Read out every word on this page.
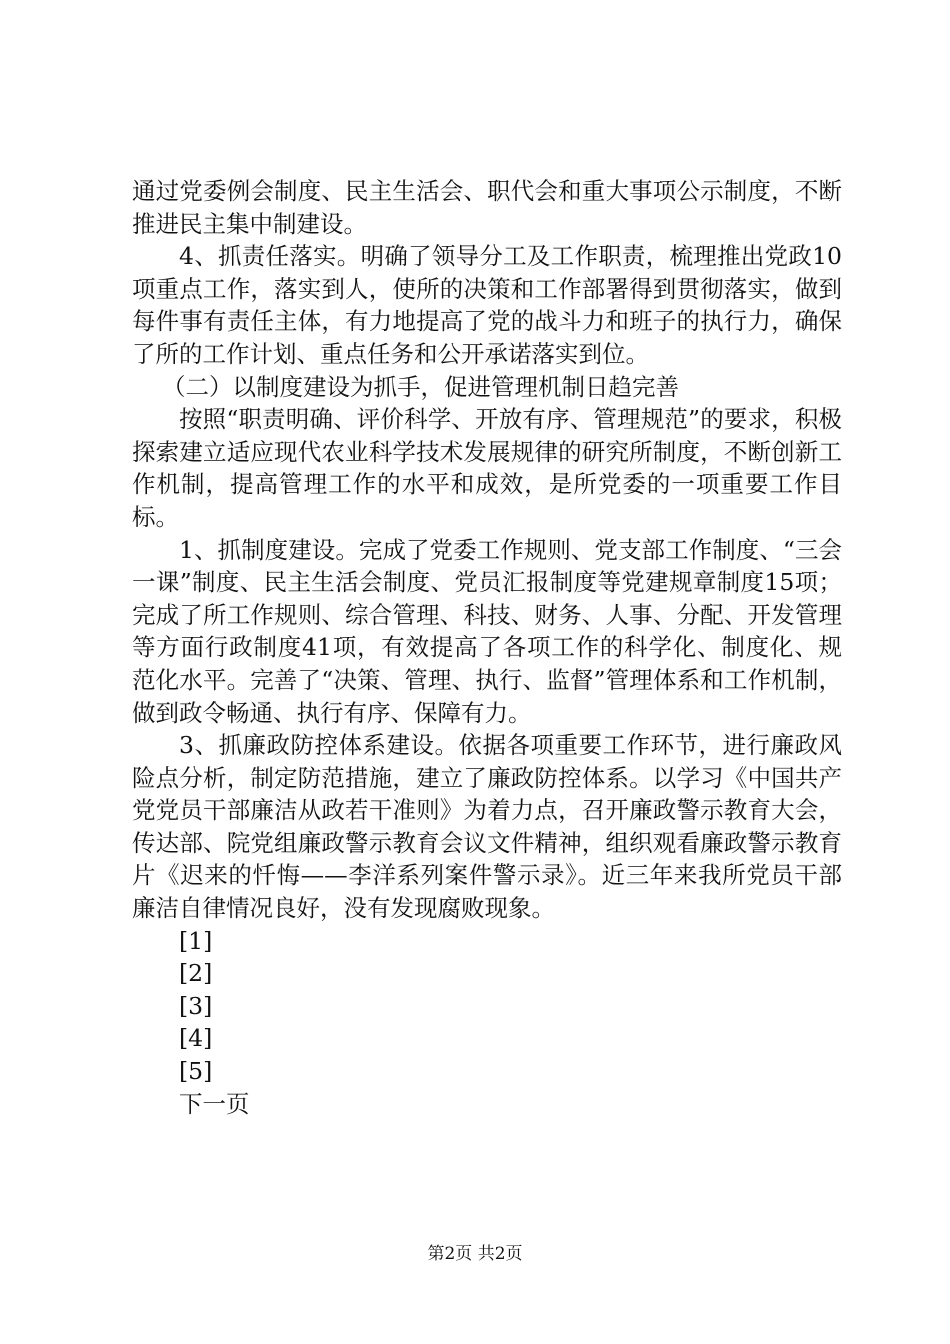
通过党委例会制度、民主生活会、职代会和重大事项公示制度，不断推进民主集中制建设。

4、抓责任落实。明确了领导分工及工作职责，梳理推出党政10项重点工作，落实到人，使所的决策和工作部署得到贯彻落实，做到每件事有责任主体，有力地提高了党的战斗力和班子的执行力，确保了所的工作计划、重点任务和公开承诺落实到位。

（二）以制度建设为抓手，促进管理机制日趋完善

按照“职责明确、评价科学、开放有序、管理规范”的要求，积极探索建立适应现代农业科学技术发展规律的研究所制度，不断创新工作机制，提高管理工作的水平和成效，是所党委的一项重要工作目标。

1、抓制度建设。完成了党委工作规则、党支部工作制度、“三会一课”制度、民主生活会制度、党员汇报制度等党建规章制度15项；完成了所工作规则、综合管理、科技、财务、人事、分配、开发管理等方面行政制度41项，有效提高了各项工作的科学化、制度化、规范化水平。完善了“决策、管理、执行、监督”管理体系和工作机制，做到政令畅通、执行有序、保障有力。

3、抓廉政防控体系建设。依据各项重要工作环节，进行廉政风险点分析，制定防范措施，建立了廉政防控体系。以学习《中国共产党党员干部廉洁从政若干准则》为着力点，召开廉政警示教育大会，传达部、院党组廉政警示教育会议文件精神，组织观看廉政警示教育片《迟来的忏悔——李洋系列案件警示录》。近三年来我所党员干部廉洁自律情况良好，没有发现腐败现象。

[1]
[2]
[3]
[4]
[5]
下一页
第2页 共2页
